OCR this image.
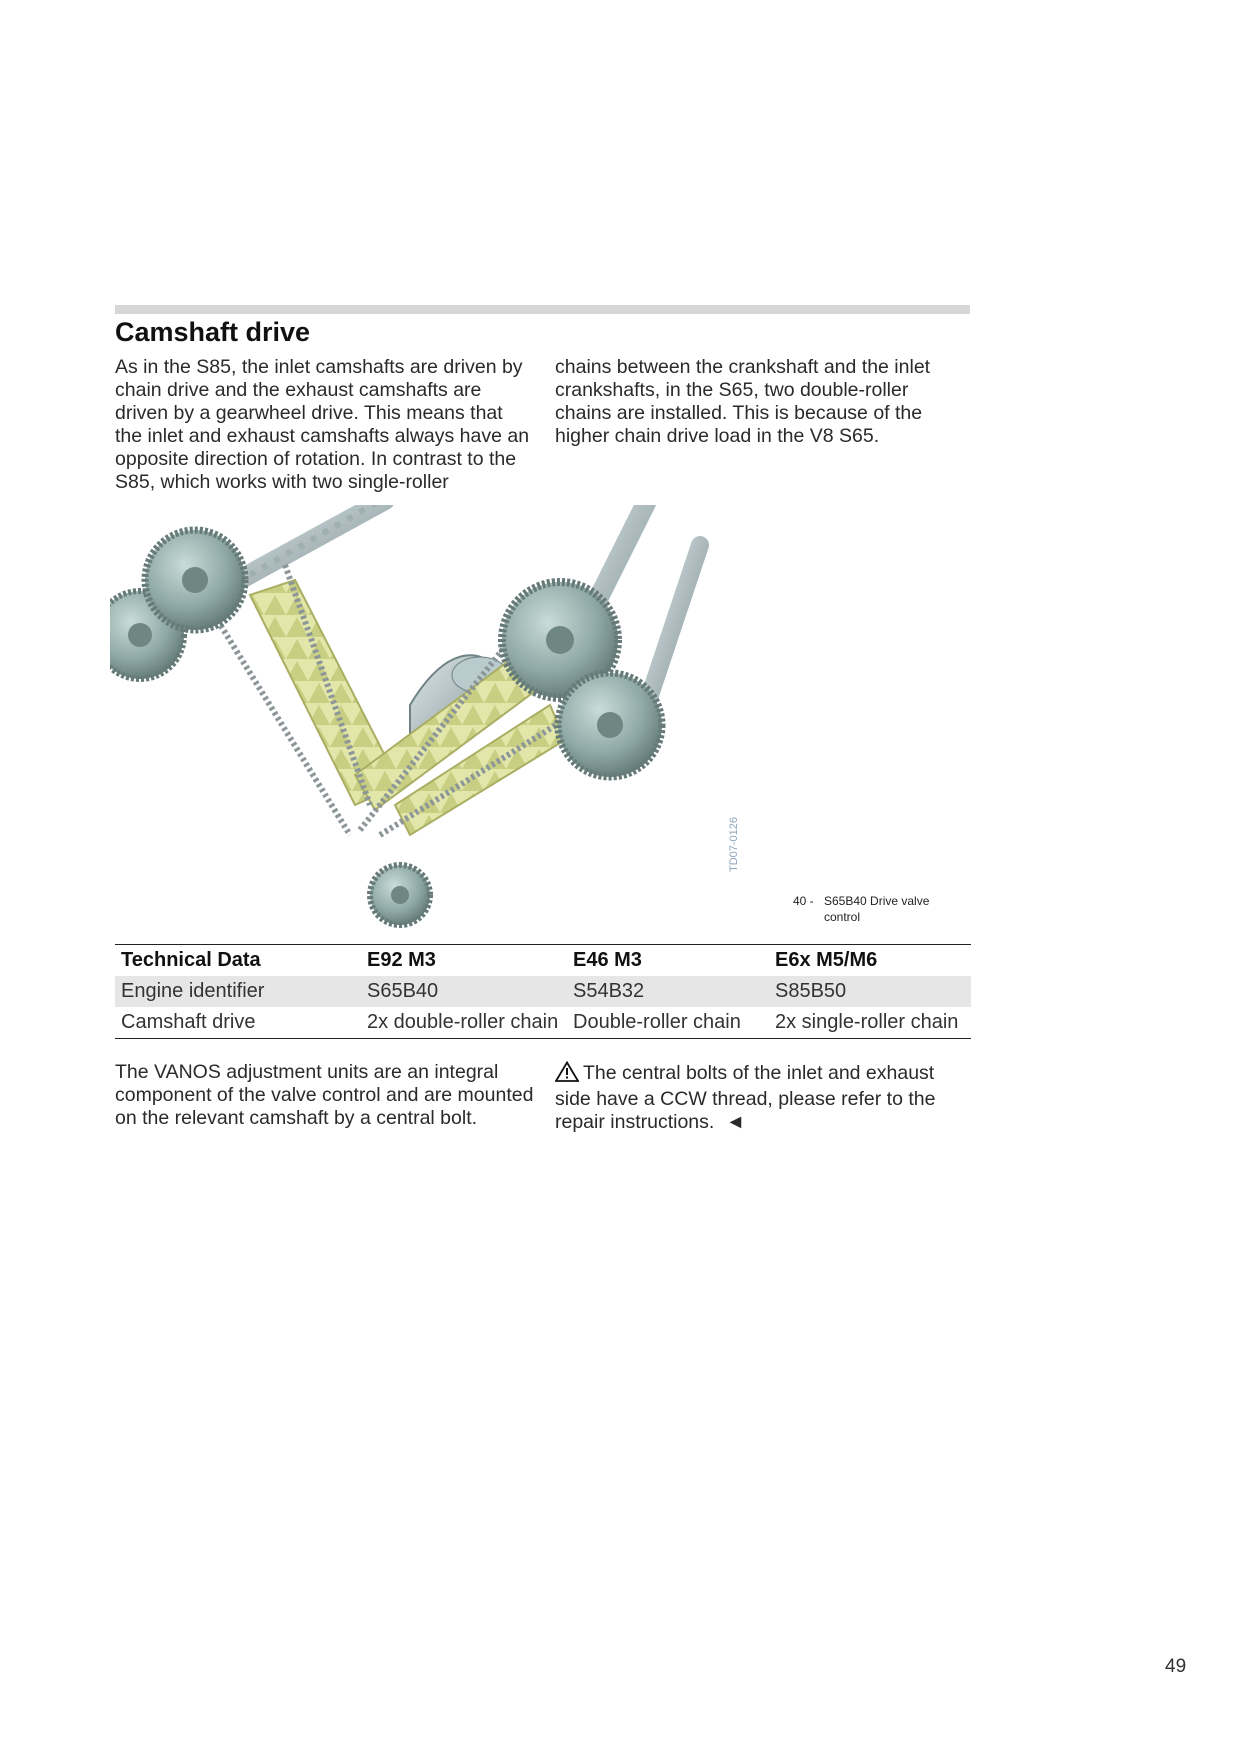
Camshaft drive

As in the S85, the inlet camshafts are driven by chain drive and the exhaust camshafts are driven by a gearwheel drive. This means that the inlet and exhaust camshafts always have an opposite direction of rotation. In contrast to the S85, which works with two single-roller

chains between the crankshaft and the inlet crankshafts, in the S65, two double-roller chains are installed. This is because of the higher chain drive load in the V8 S65.

TD07-0126
40 - S65B40 Drive valve control
Technical Data	E92 M3	E46 M3	E6x M5/M6
Engine identifier	S65B40	S54B32	S85B50
Camshaft drive	2x double-roller chain	Double-roller chain	2x single-roller chain

The VANOS adjustment units are an integral component of the valve control and are mounted on the relevant camshaft by a central bolt.

The central bolts of the inlet and exhaust side have a CCW thread, please refer to the repair instructions. ◄

49
